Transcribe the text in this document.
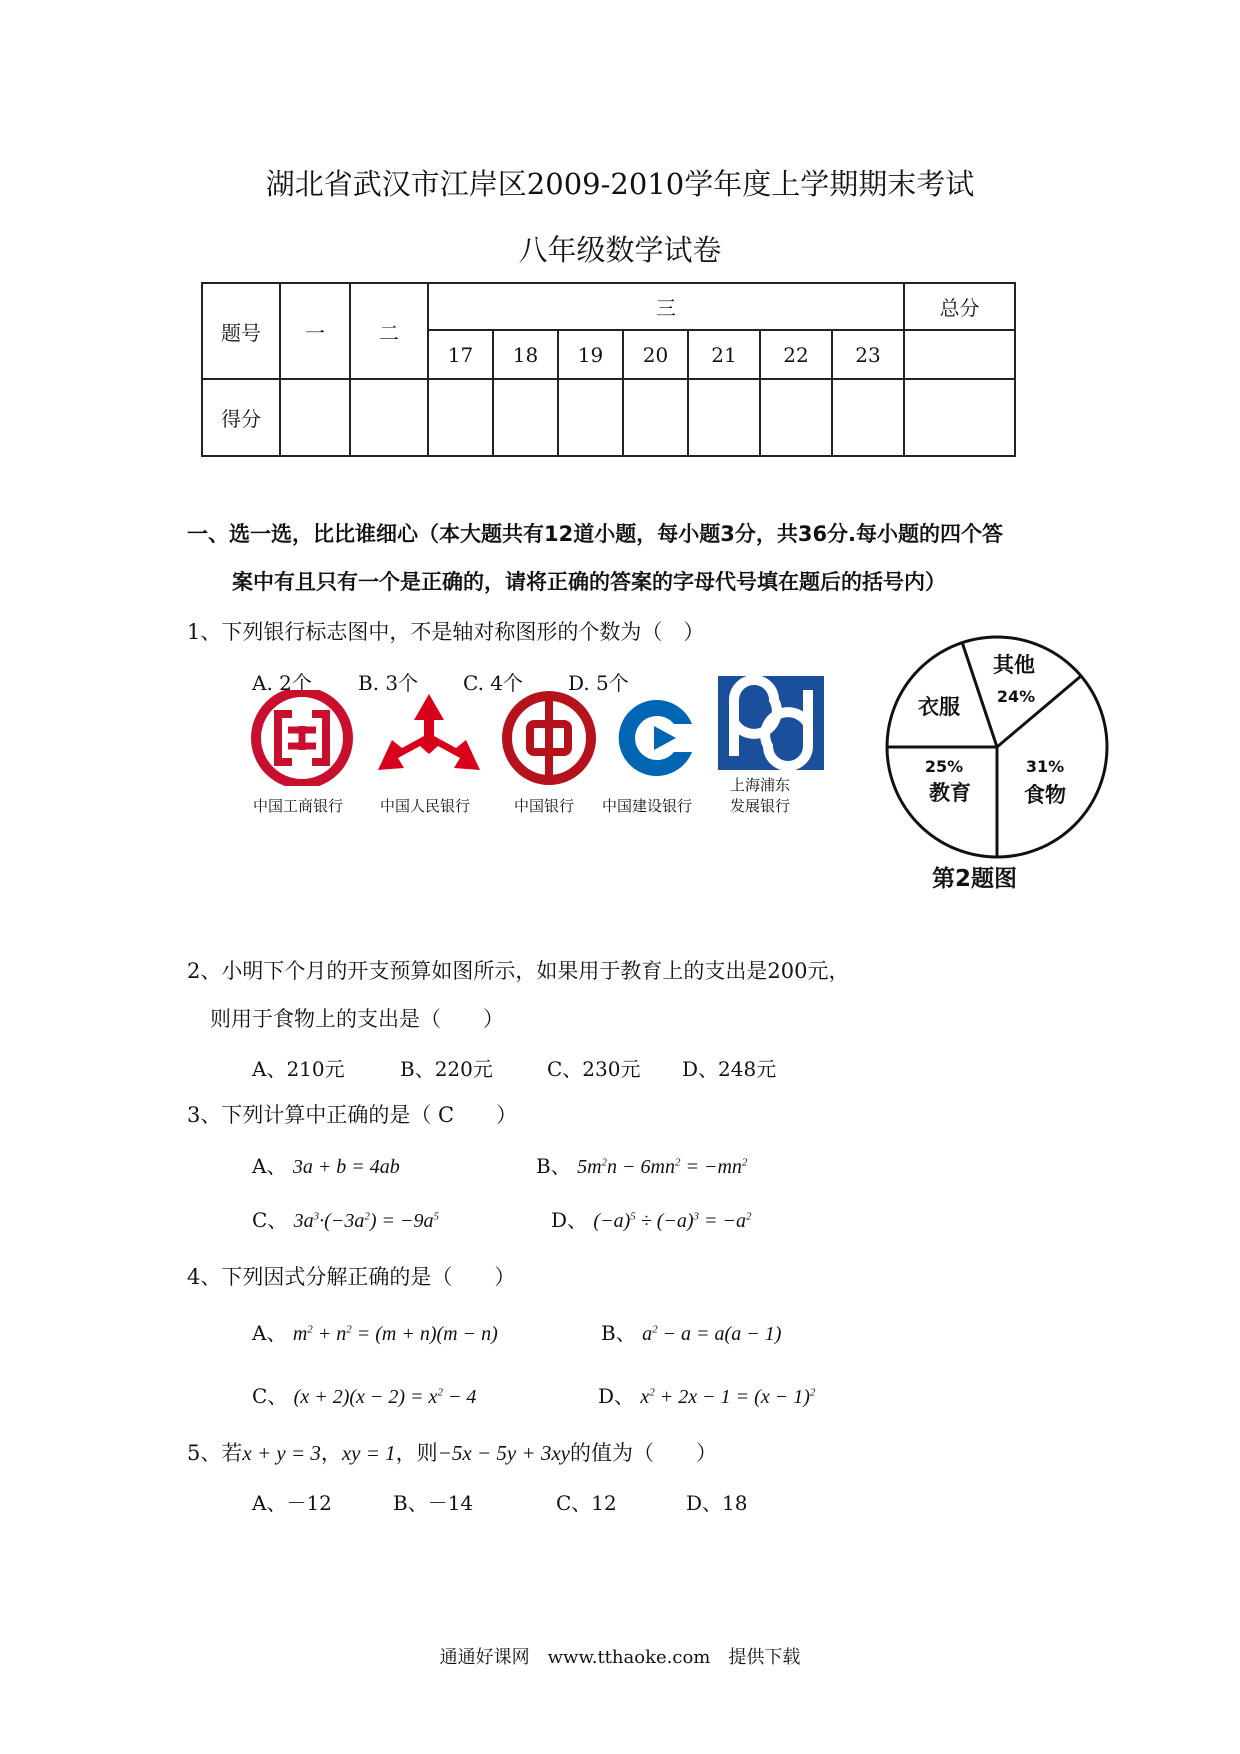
湖北省武汉市江岸区2009-2010学年度上学期期末考试
八年级数学试卷
题号	一	二	三							总分
			17	18	19	20	21	22	23	
得分										
一、选一选，比比谁细心（本大题共有12道小题，每小题3分，共36分.每小题的四个答
案中有且只有一个是正确的，请将正确的答案的字母代号填在题后的括号内）
1、下列银行标志图中，不是轴对称图形的个数为（　）
A. 2个 B. 3个 C. 4个 D. 5个
中国工商银行 中国人民银行	中国银行 中国建设银行
上海浦东
发展银行
其他
24%
衣服
25%
教育
31%
食物
第2题图
2、小明下个月的开支预算如图所示，如果用于教育上的支出是200元，
则用于食物上的支出是（　　）
A、210元	B、220元	C、230元 D、248元
3、下列计算中正确的是（ C　　）
A、 3a + b = 4ab	B、 $5m^2n - 6mn^2 = -mn^2$
C、 $3a^3\cdot(-3a^2) = -9a^5$	D、 $(-a)^5 \div (-a)^3 = -a^2$
4、下列因式分解正确的是（　　）
A、 $m^2 + n^2 = (m + n)(m - n)$	B、 $a^2 - a = a(a - 1)$
C、 $(x + 2)(x - 2) = x^2 - 4$	D、 $x^2 + 2x - 1 = (x - 1)^2$
5、若x + y = 3，xy = 1，则−5x − 5y + 3xy的值为（　　）
A、－12	B、－14	C、12	D、18
通通好课网　www.tthaoke.com　提供下载
